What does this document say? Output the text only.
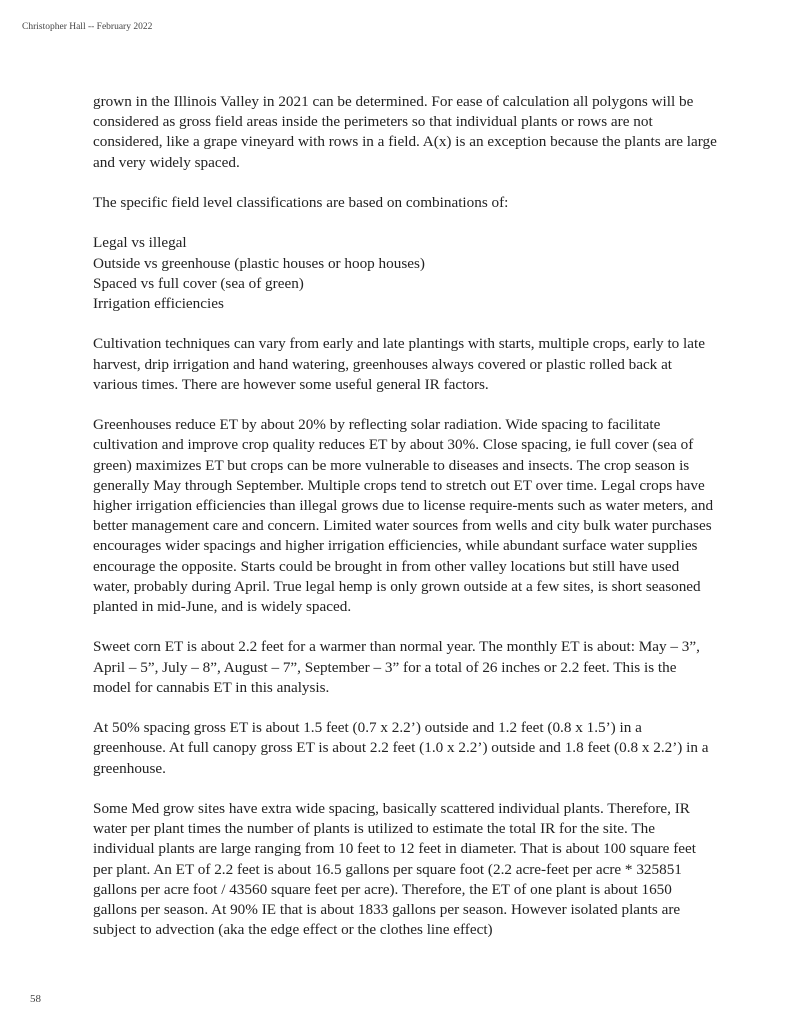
Christopher Hall -- February 2022

grown in the Illinois Valley in 2021 can be determined. For ease of calculation all polygons will be considered as gross field areas inside the perimeters so that individual plants or rows are not considered, like a grape vineyard with rows in a field. A(x) is an exception because the plants are large and very widely spaced.

The specific field level classifications are based on combinations of:

Legal vs illegal

Outside vs greenhouse (plastic houses or hoop houses)

Spaced vs full cover (sea of green)

Irrigation efficiencies

Cultivation techniques can vary from early and late plantings with starts, multiple crops, early to late harvest, drip irrigation and hand watering, greenhouses always covered or plastic rolled back at various times. There are however some useful general IR factors.

Greenhouses reduce ET by about 20% by reflecting solar radiation. Wide spacing to facilitate cultivation and improve crop quality reduces ET by about 30%. Close spacing, ie full cover (sea of green) maximizes ET but crops can be more vulnerable to diseases and insects. The crop season is generally May through September. Multiple crops tend to stretch out ET over time. Legal crops have higher irrigation efficiencies than illegal grows due to license require-ments such as water meters, and better management care and concern. Limited water sources from wells and city bulk water purchases encourages wider spacings and higher irrigation efficiencies, while abundant surface water supplies encourage the opposite. Starts could be brought in from other valley locations but still have used water, probably during April. True legal hemp is only grown outside at a few sites, is short seasoned planted in mid-June, and is widely spaced.

Sweet corn ET is about 2.2 feet for a warmer than normal year. The monthly ET is about: May – 3”, April – 5”, July – 8”, August – 7”, September – 3” for a total of 26 inches or 2.2 feet. This is the model for cannabis ET in this analysis.

At 50% spacing gross ET is about 1.5 feet (0.7 x 2.2’) outside and 1.2 feet (0.8 x 1.5’) in a greenhouse. At full canopy gross ET is about 2.2 feet (1.0 x 2.2’) outside and 1.8 feet (0.8 x 2.2’) in a greenhouse.

Some Med grow sites have extra wide spacing, basically scattered individual plants. Therefore, IR water per plant times the number of plants is utilized to estimate the total IR for the site. The individual plants are large ranging from 10 feet to 12 feet in diameter. That is about 100 square feet per plant. An ET of 2.2 feet is about 16.5 gallons per square foot (2.2 acre-feet per acre * 325851 gallons per acre foot / 43560 square feet per acre). Therefore, the ET of one plant is about 1650 gallons per season. At 90% IE that is about 1833 gallons per season. However isolated plants are subject to advection (aka the edge effect or the clothes line effect)

58
